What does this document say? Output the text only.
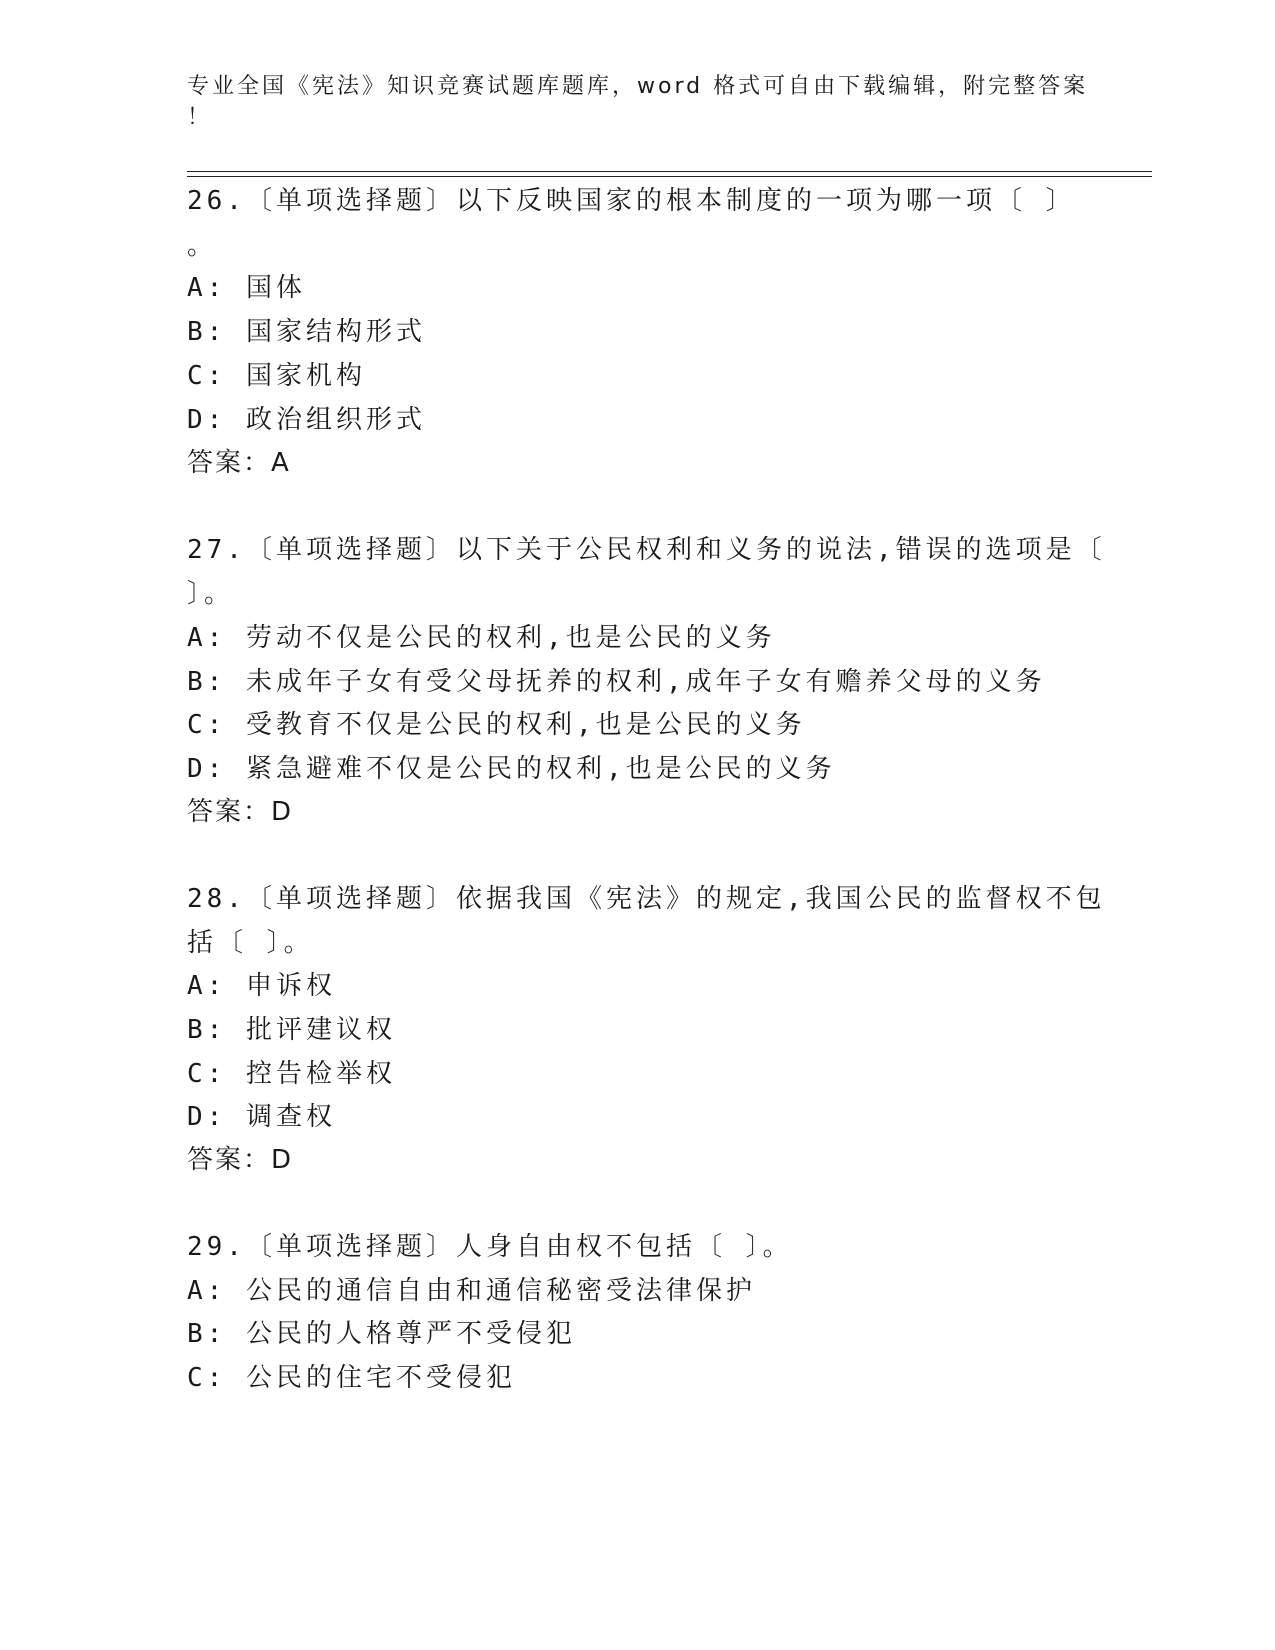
专业全国《宪法》知识竞赛试题库题库，word 格式可自由下载编辑，附完整答案
！
26.〔单项选择题〕以下反映国家的根本制度的一项为哪一项〔 〕
。
A: 国体
B: 国家结构形式
C: 国家机构
D: 政治组织形式
答案：A
27.〔单项选择题〕以下关于公民权利和义务的说法,错误的选项是〔
〕。
A: 劳动不仅是公民的权利,也是公民的义务
B: 未成年子女有受父母抚养的权利,成年子女有赡养父母的义务
C: 受教育不仅是公民的权利,也是公民的义务
D: 紧急避难不仅是公民的权利,也是公民的义务
答案：D
28.〔单项选择题〕依据我国《宪法》的规定,我国公民的监督权不包
括〔 〕。
A: 申诉权
B: 批评建议权
C: 控告检举权
D: 调查权
答案：D
29.〔单项选择题〕人身自由权不包括〔 〕。
A: 公民的通信自由和通信秘密受法律保护
B: 公民的人格尊严不受侵犯
C: 公民的住宅不受侵犯
